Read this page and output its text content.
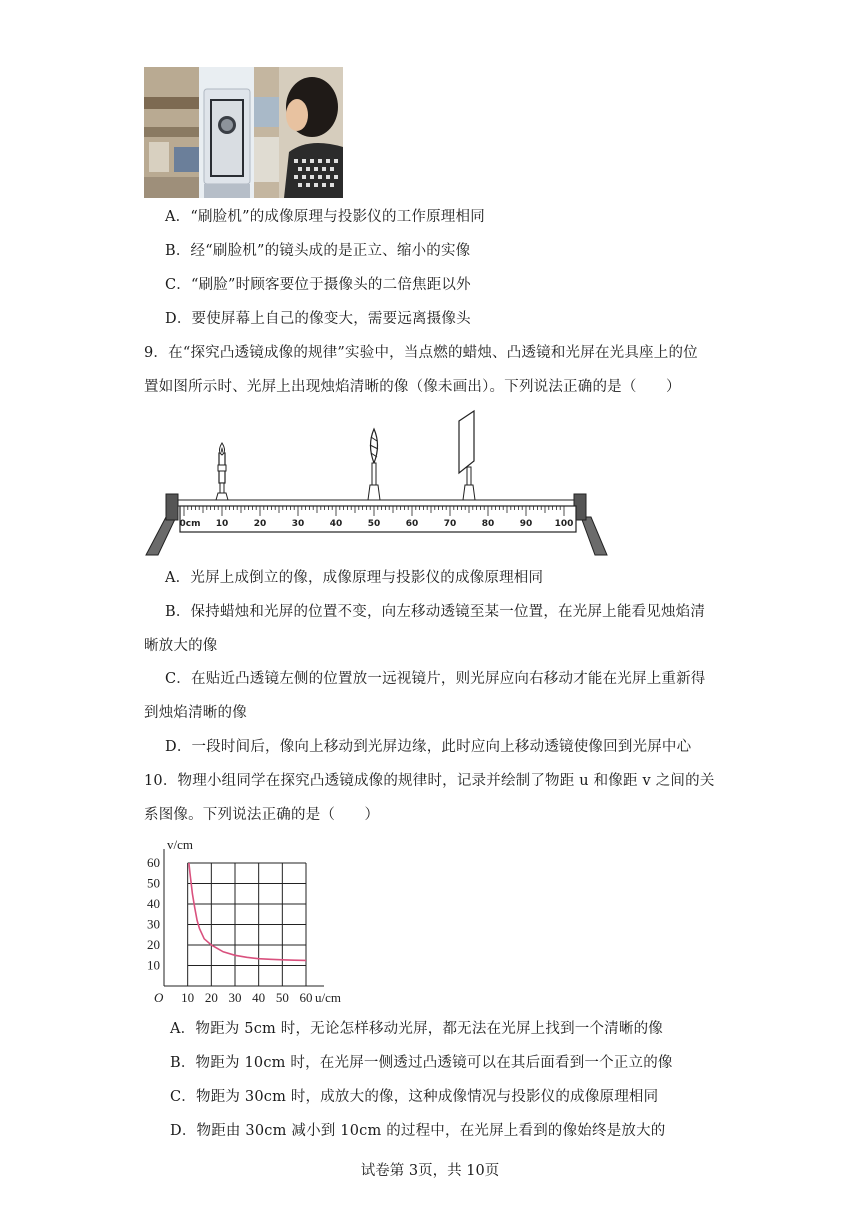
A．“刷脸机”的成像原理与投影仪的工作原理相同
B．经“刷脸机”的镜头成的是正立、缩小的实像
C．“刷脸”时顾客要位于摄像头的二倍焦距以外
D．要使屏幕上自己的像变大，需要远离摄像头
9．在“探究凸透镜成像的规律”实验中，当点燃的蜡烛、凸透镜和光屏在光具座上的位
置如图所示时、光屏上出现烛焰清晰的像（像未画出）。下列说法正确的是（　　）
0cm 10	20	30	40	50	60	70	80	90 100
A．光屏上成倒立的像，成像原理与投影仪的成像原理相同
B．保持蜡烛和光屏的位置不变，向左移动透镜至某一位置，在光屏上能看见烛焰清
晰放大的像
C．在贴近凸透镜左侧的位置放一远视镜片，则光屏应向右移动才能在光屏上重新得
到烛焰清晰的像
D．一段时间后，像向上移动到光屏边缘，此时应向上移动透镜使像回到光屏中心
10．物理小组同学在探究凸透镜成像的规律时，记录并绘制了物距 u 和像距 v 之间的关
系图像。下列说法正确的是（　　）
10 20 30 40 50 60
10
20
30
40
50
60
v/cm
u/cm
O
A．物距为 5cm 时，无论怎样移动光屏，都无法在光屏上找到一个清晰的像
B．物距为 10cm 时，在光屏一侧透过凸透镜可以在其后面看到一个正立的像
C．物距为 30cm 时，成放大的像，这种成像情况与投影仪的成像原理相同
D．物距由 30cm 减小到 10cm 的过程中，在光屏上看到的像始终是放大的
试卷第 3页，共 10页
